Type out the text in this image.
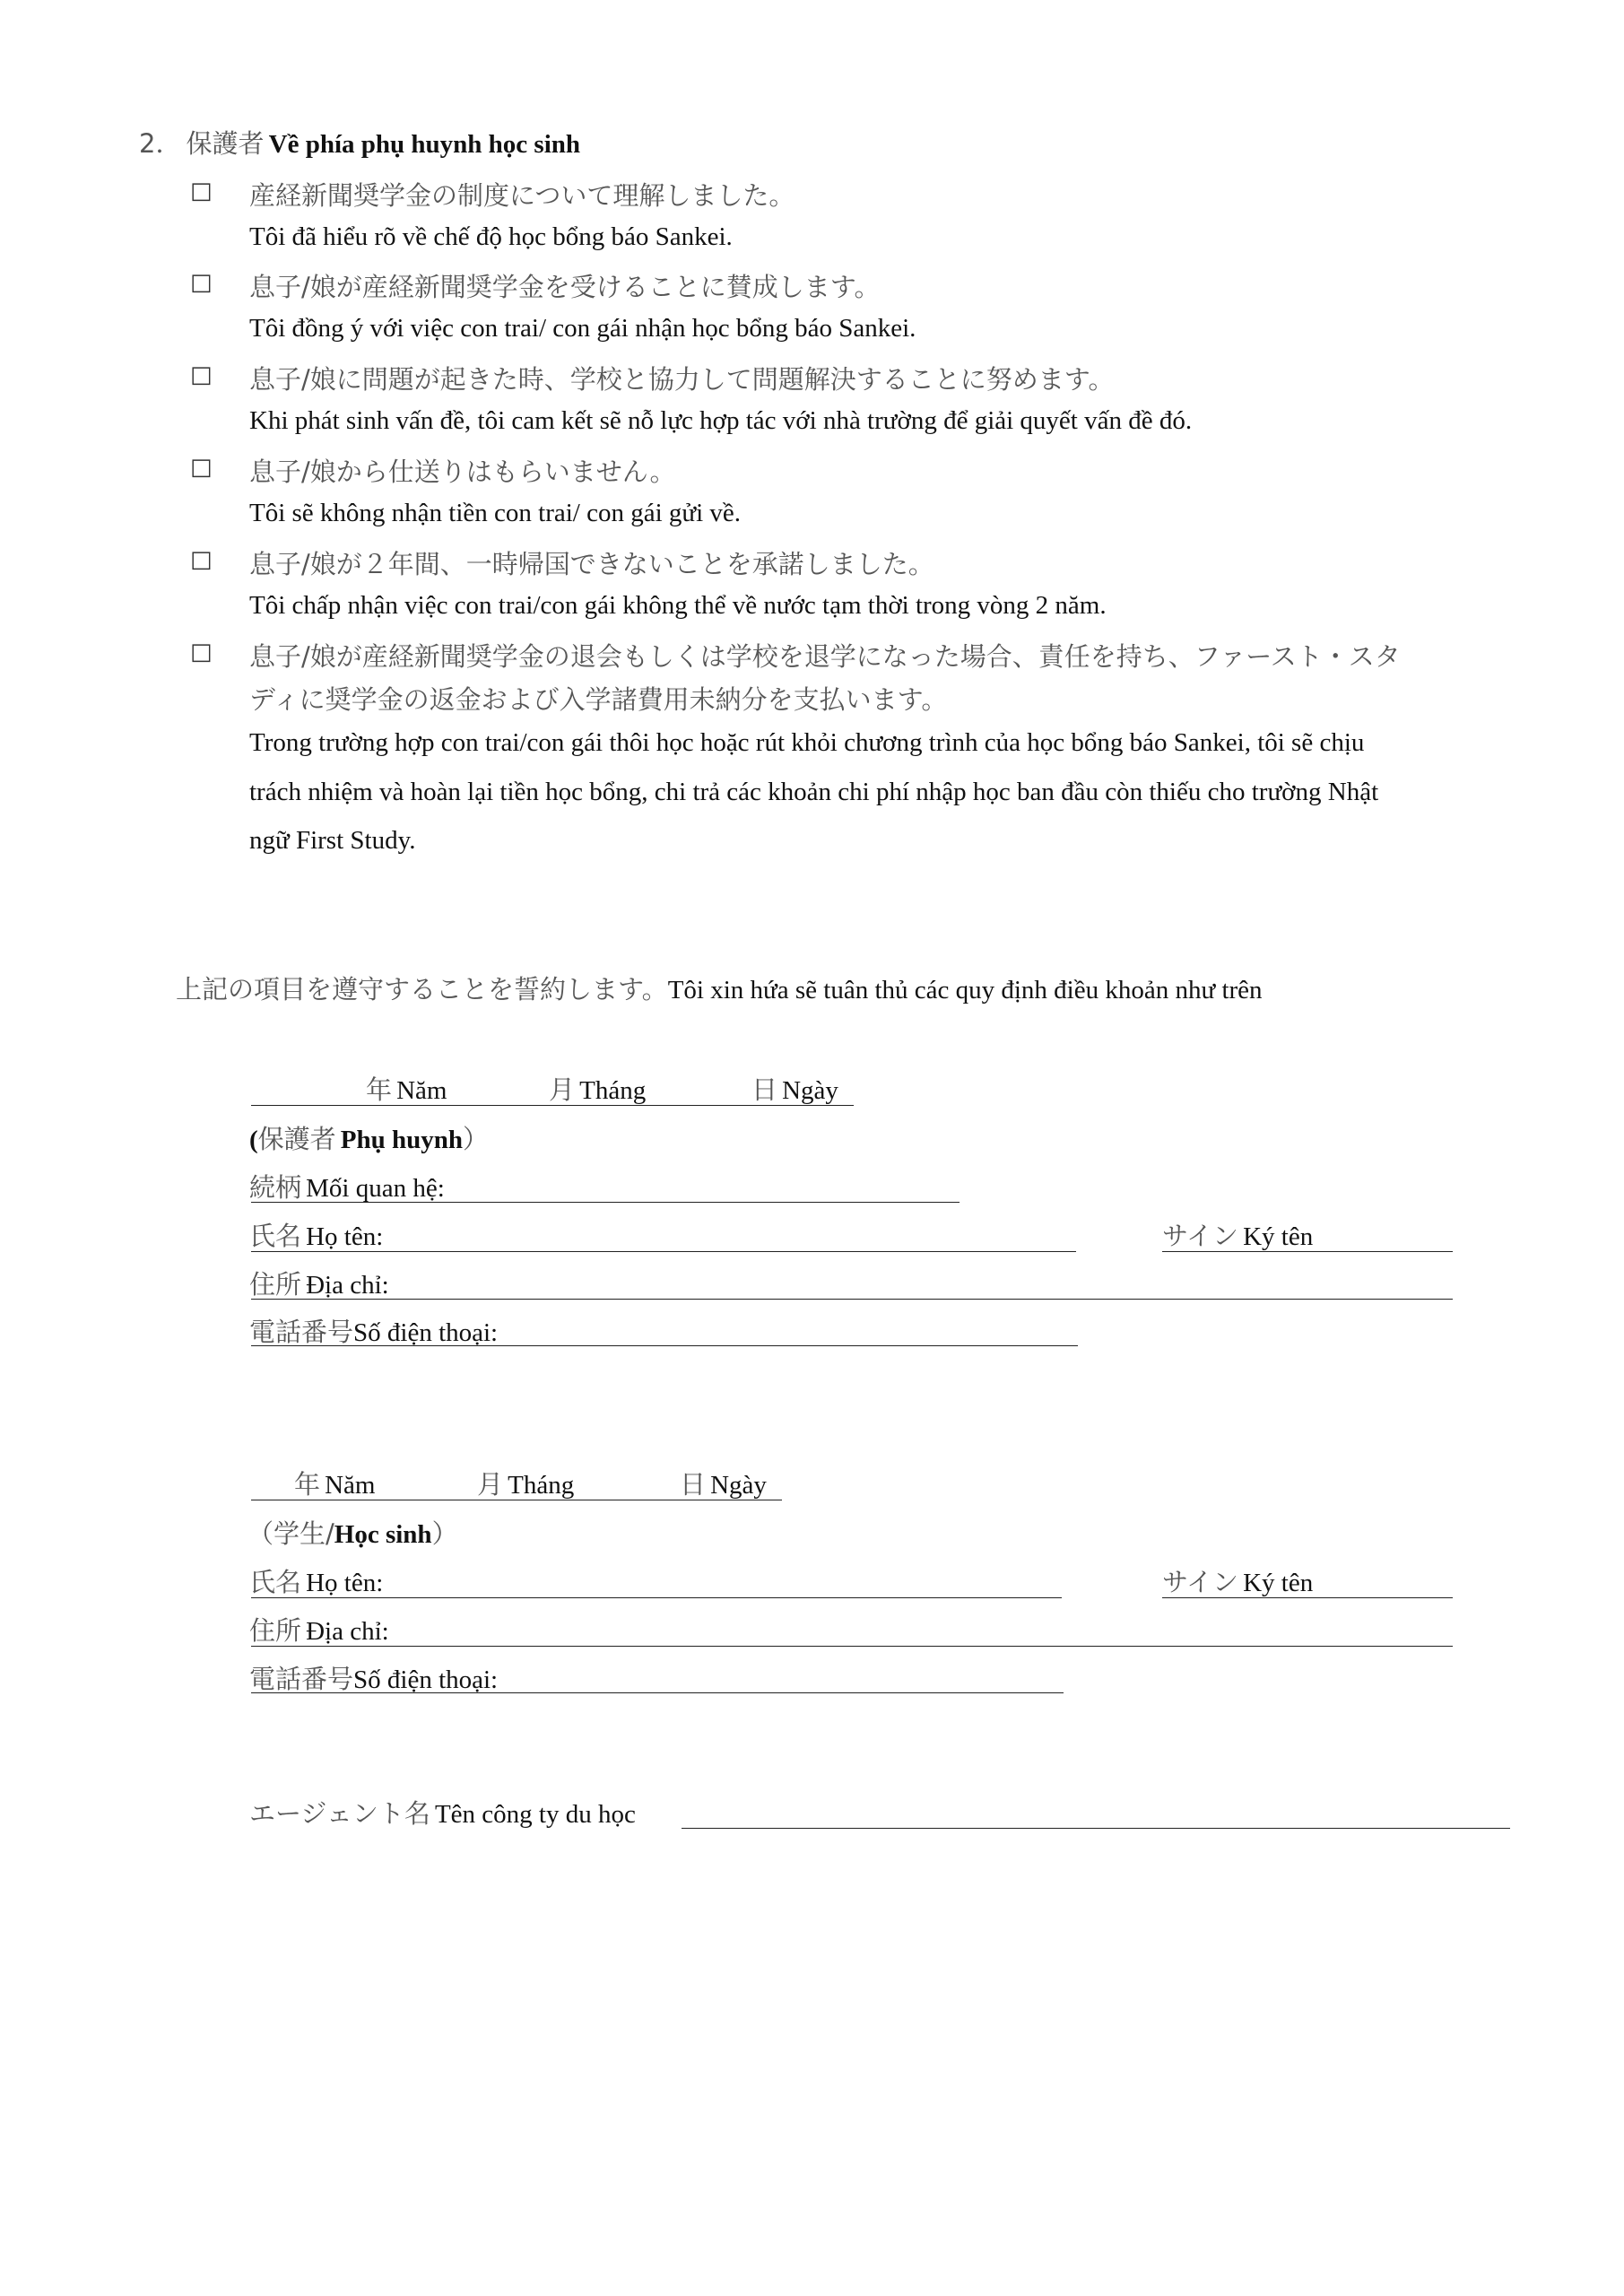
2． 保護者 Về phía phụ huynh học sinh
□ 産経新聞奨学金の制度について理解しました。
Tôi đã hiểu rõ về chế độ học bổng báo Sankei.
□ 息子/娘が産経新聞奨学金を受けることに賛成します。
Tôi đồng ý với việc con trai/ con gái nhận học bổng báo Sankei.
□ 息子/娘に問題が起きた時、学校と協力して問題解決することに努めます。
Khi phát sinh vấn đề, tôi cam kết sẽ nỗ lực hợp tác với nhà trường để giải quyết vấn đề đó.
□ 息子/娘から仕送りはもらいません。
Tôi sẽ không nhận tiền con trai/ con gái gửi về.
□ 息子/娘が２年間、一時帰国できないことを承諾しました。
Tôi chấp nhận việc con trai/con gái không thể về nước tạm thời trong vòng 2 năm.
□ 息子/娘が産経新聞奨学金の退会もしくは学校を退学になった場合、責任を持ち、ファースト・スタ
ディに奨学金の返金および入学諸費用未納分を支払います。
Trong trường hợp con trai/con gái thôi học hoặc rút khỏi chương trình của học bổng báo Sankei, tôi sẽ chịu
trách nhiệm và hoàn lại tiền học bổng, chi trả các khoản chi phí nhập học ban đầu còn thiếu cho trường Nhật
ngữ First Study.
上記の項目を遵守することを誓約します。Tôi xin hứa sẽ tuân thủ các quy định điều khoản như trên
年 Năm	月 Tháng	日 Ngày
(保護者 Phụ huynh）
続柄 Mối quan hệ:
氏名 Họ tên:	サイン Ký tên
住所 Địa chỉ:
電話番号Số điện thoại:
年 Năm	月 Tháng	日 Ngày
（学生/Học sinh）
氏名 Họ tên:	サイン Ký tên
住所 Địa chỉ:
電話番号Số điện thoại:
エージェント名 Tên công ty du học
